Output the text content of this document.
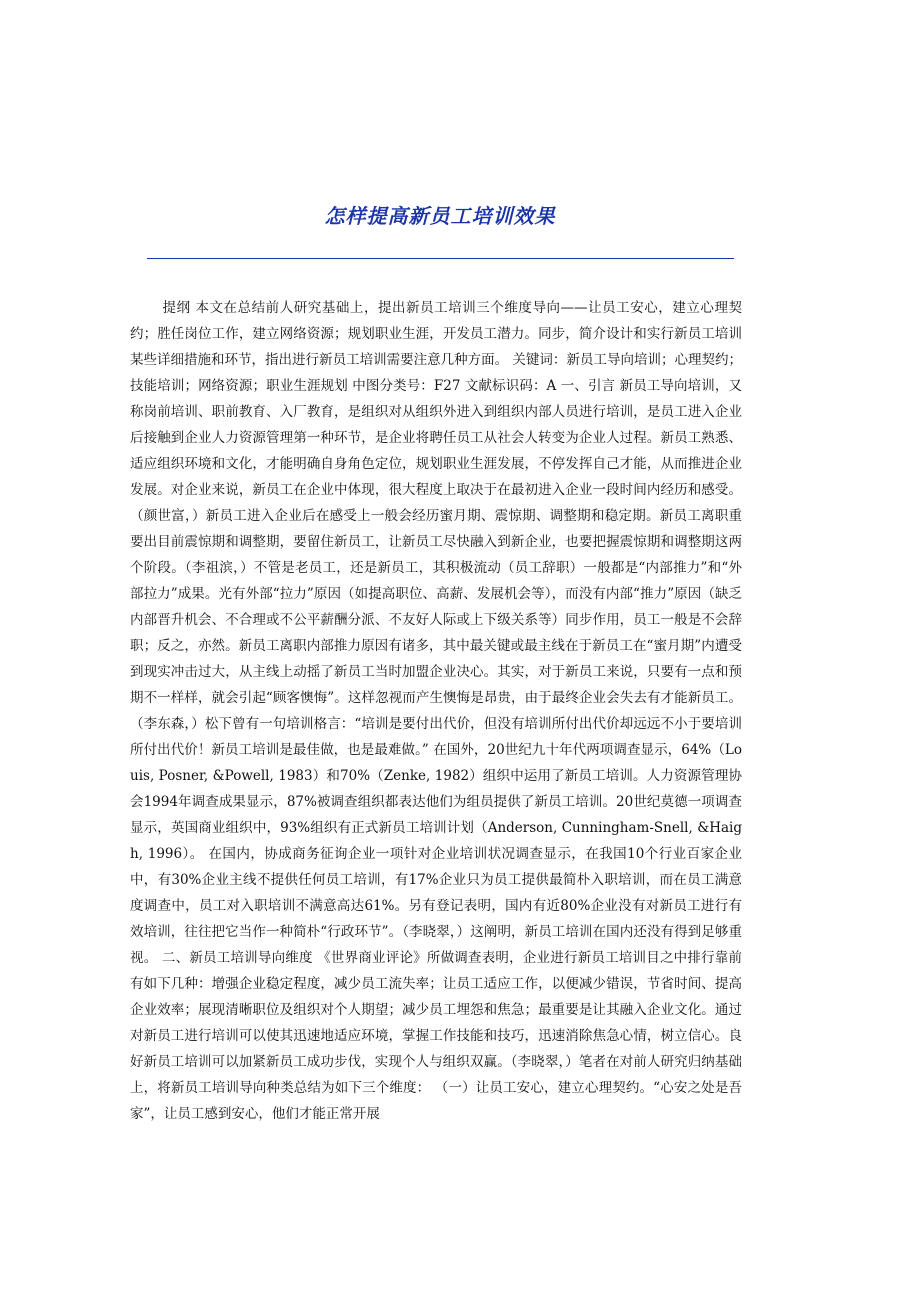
怎样提高新员工培训效果

提纲 本文在总结前人研究基础上，提出新员工培训三个维度导向——让员工安心，建立心理契约；胜任岗位工作，建立网络资源；规划职业生涯，开发员工潜力。同步，简介设计和实行新员工培训某些详细措施和环节，指出进行新员工培训需要注意几种方面。 关键词：新员工导向培训；心理契约；技能培训；网络资源；职业生涯规划 中图分类号：F27 文献标识码：A 一、引言 新员工导向培训，又称岗前培训、职前教育、入厂教育，是组织对从组织外进入到组织内部人员进行培训，是员工进入企业后接触到企业人力资源管理第一种环节，是企业将聘任员工从社会人转变为企业人过程。新员工熟悉、适应组织环境和文化，才能明确自身角色定位，规划职业生涯发展，不停发挥自己才能，从而推进企业发展。对企业来说，新员工在企业中体现，很大程度上取决于在最初进入企业一段时间内经历和感受。（颜世富，）新员工进入企业后在感受上一般会经历蜜月期、震惊期、调整期和稳定期。新员工离职重要出目前震惊期和调整期，要留住新员工，让新员工尽快融入到新企业，也要把握震惊期和调整期这两个阶段。（李祖滨，）不管是老员工，还是新员工，其积极流动（员工辞职）一般都是“内部推力”和“外部拉力”成果。光有外部“拉力”原因（如提高职位、高薪、发展机会等），而没有内部“推力”原因（缺乏内部晋升机会、不合理或不公平薪酬分派、不友好人际或上下级关系等）同步作用，员工一般是不会辞职；反之，亦然。新员工离职内部推力原因有诸多，其中最关键或最主线在于新员工在“蜜月期”内遭受到现实冲击过大，从主线上动摇了新员工当时加盟企业决心。其实，对于新员工来说，只要有一点和预期不一样样，就会引起“顾客懊悔”。这样忽视而产生懊悔是昂贵，由于最终企业会失去有才能新员工。（李东森，）松下曾有一句培训格言：“培训是要付出代价，但没有培训所付出代价却远远不小于要培训所付出代价！新员工培训是最佳做，也是最难做。” 在国外，20世纪九十年代两项调查显示，64%（Louis, Posner, &Powell, 1983）和70%（Zenke, 1982）组织中运用了新员工培训。人力资源管理协会1994年调查成果显示，87%被调查组织都表达他们为组员提供了新员工培训。20世纪莫德一项调查显示，英国商业组织中，93%组织有正式新员工培训计划（Anderson, Cunningham-Snell, &Haigh, 1996）。 在国内，协成商务征询企业一项针对企业培训状况调查显示，在我国10个行业百家企业中，有30%企业主线不提供任何员工培训，有17%企业只为员工提供最简朴入职培训，而在员工满意度调查中，员工对入职培训不满意高达61%。另有登记表明，国内有近80%企业没有对新员工进行有效培训，往往把它当作一种简朴“行政环节”。（李晓翠，）这阐明，新员工培训在国内还没有得到足够重视。 二、新员工培训导向维度 《世界商业评论》所做调查表明，企业进行新员工培训目之中排行靠前有如下几种：增强企业稳定程度，减少员工流失率；让员工适应工作，以便减少错误，节省时间、提高企业效率；展现清晰职位及组织对个人期望；减少员工埋怨和焦急；最重要是让其融入企业文化。通过对新员工进行培训可以使其迅速地适应环境，掌握工作技能和技巧，迅速消除焦急心情，树立信心。良好新员工培训可以加紧新员工成功步伐，实现个人与组织双赢。（李晓翠，）笔者在对前人研究归纳基础上，将新员工培训导向种类总结为如下三个维度： （一）让员工安心，建立心理契约。“心安之处是吾家”，让员工感到安心，他们才能正常开展
